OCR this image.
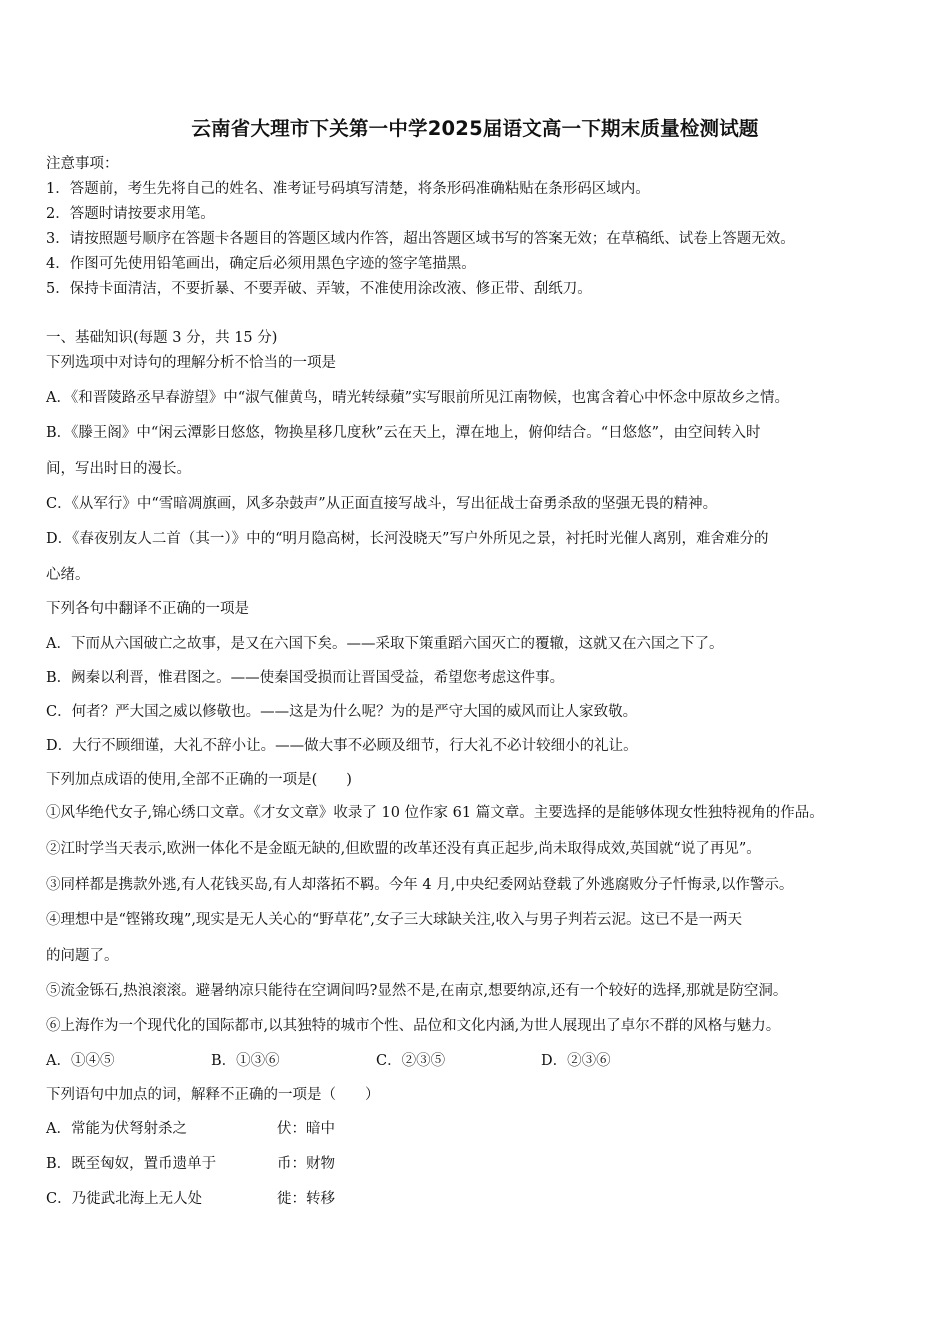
云南省大理市下关第一中学2025届语文高一下期末质量检测试题
注意事项：
1．答题前，考生先将自己的姓名、准考证号码填写清楚，将条形码准确粘贴在条形码区域内。
2．答题时请按要求用笔。
3．请按照题号顺序在答题卡各题目的答题区域内作答，超出答题区域书写的答案无效；在草稿纸、试卷上答题无效。
4．作图可先使用铅笔画出，确定后必须用黑色字迹的签字笔描黑。
5．保持卡面清洁，不要折暴、不要弄破、弄皱，不准使用涂改液、修正带、刮纸刀。
一、基础知识(每题 3 分，共 15 分)
下列选项中对诗句的理解分析不恰当的一项是
A．《和晋陵路丞早春游望》中“淑气催黄鸟，晴光转绿蘋”实写眼前所见江南物候，也寓含着心中怀念中原故乡之情。
B．《滕王阁》中“闲云潭影日悠悠，物换星移几度秋”云在天上，潭在地上，俯仰结合。“日悠悠”，由空间转入时
间，写出时日的漫长。
C．《从军行》中“雪暗凋旗画，风多杂鼓声”从正面直接写战斗，写出征战士奋勇杀敌的坚强无畏的精神。
D．《春夜别友人二首（其一）》中的“明月隐高树，长河没晓天”写户外所见之景，衬托时光催人离别，难舍难分的
心绪。
下列各句中翻译不正确的一项是
A．下而从六国破亡之故事，是又在六国下矣。——采取下策重蹈六国灭亡的覆辙，这就又在六国之下了。
B．阙秦以利晋，惟君图之。——使秦国受损而让晋国受益，希望您考虑这件事。
C．何者？严大国之威以修敬也。——这是为什么呢？为的是严守大国的威风而让人家致敬。
D．大行不顾细谨，大礼不辞小让。——做大事不必顾及细节，行大礼不必计较细小的礼让。
下列加点成语的使用,全部不正确的一项是(　　)
①风华绝代女子,锦心绣口文章。《才女文章》收录了 10 位作家 61 篇文章。主要选择的是能够体现女性独特视角的作品。
②江时学当天表示,欧洲一体化不是金瓯无缺的,但欧盟的改革还没有真正起步,尚未取得成效,英国就“说了再见”。
③同样都是携款外逃,有人花钱买岛,有人却落拓不羁。今年 4 月,中央纪委网站登载了外逃腐败分子忏悔录,以作警示。
④理想中是“铿锵玫瑰”,现实是无人关心的“野草花”,女子三大球缺关注,收入与男子判若云泥。这已不是一两天
的问题了。
⑤流金铄石,热浪滚滚。避暑纳凉只能待在空调间吗?显然不是,在南京,想要纳凉,还有一个较好的选择,那就是防空洞。
⑥上海作为一个现代化的国际都市,以其独特的城市个性、品位和文化内涵,为世人展现出了卓尔不群的风格与魅力。
A．①④⑤	B．①③⑥	C．②③⑤	D．②③⑥
下列语句中加点的词，解释不正确的一项是（　　）
A．常能为伏弩射杀之	伏：暗中
B．既至匈奴，置币遗单于	币：财物
C．乃徙武北海上无人处	徙：转移
